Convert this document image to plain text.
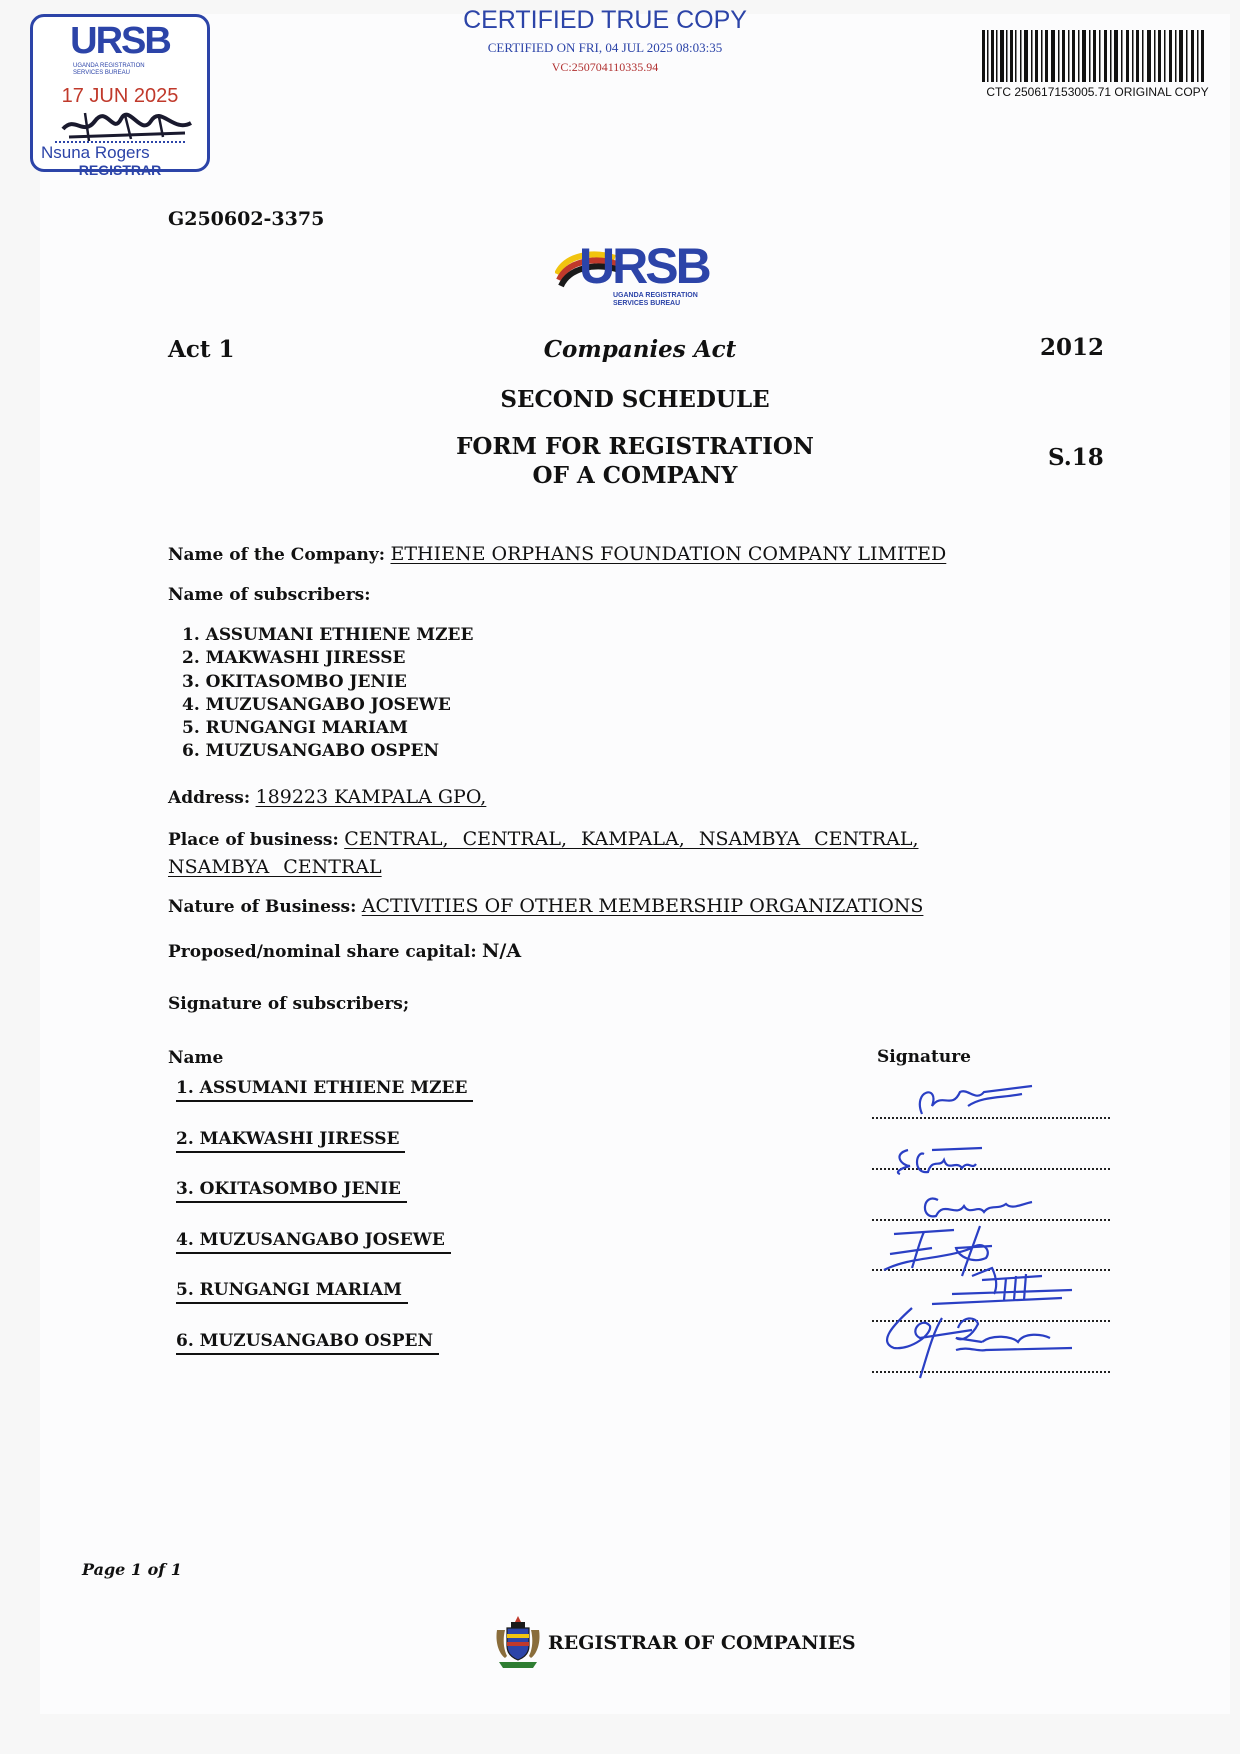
URSB
UGANDA REGISTRATION
SERVICES BUREAU
17 JUN 2025
Nsuna Rogers
REGISTRAR
CERTIFIED TRUE COPY
CERTIFIED ON FRI, 04 JUL 2025 08:03:35
VC:250704110335.94
CTC 250617153005.71 ORIGINAL COPY
G250602-3375
URSB
UGANDA REGISTRATION
SERVICES BUREAU
Act 1	Companies Act	2012
SECOND SCHEDULE
FORM FOR REGISTRATION
OF A COMPANY
S.18
Name of the Company: ETHIENE ORPHANS FOUNDATION COMPANY LIMITED
Name of subscribers:
1. ASSUMANI ETHIENE MZEE
2. MAKWASHI JIRESSE
3. OKITASOMBO JENIE
4. MUZUSANGABO JOSEWE
5. RUNGANGI MARIAM
6. MUZUSANGABO OSPEN
Address: 189223 KAMPALA GPO,
Place of business: CENTRAL, CENTRAL, KAMPALA, NSAMBYA CENTRAL, NSAMBYA CENTRAL
Nature of Business: ACTIVITIES OF OTHER MEMBERSHIP ORGANIZATIONS
Proposed/nominal share capital: N/A
Signature of subscribers;
Name	Signature
1. ASSUMANI ETHIENE MZEE
2. MAKWASHI JIRESSE
3. OKITASOMBO JENIE
4. MUZUSANGABO JOSEWE
5. RUNGANGI MARIAM
6. MUZUSANGABO OSPEN
Page 1 of 1
REGISTRAR OF COMPANIES
